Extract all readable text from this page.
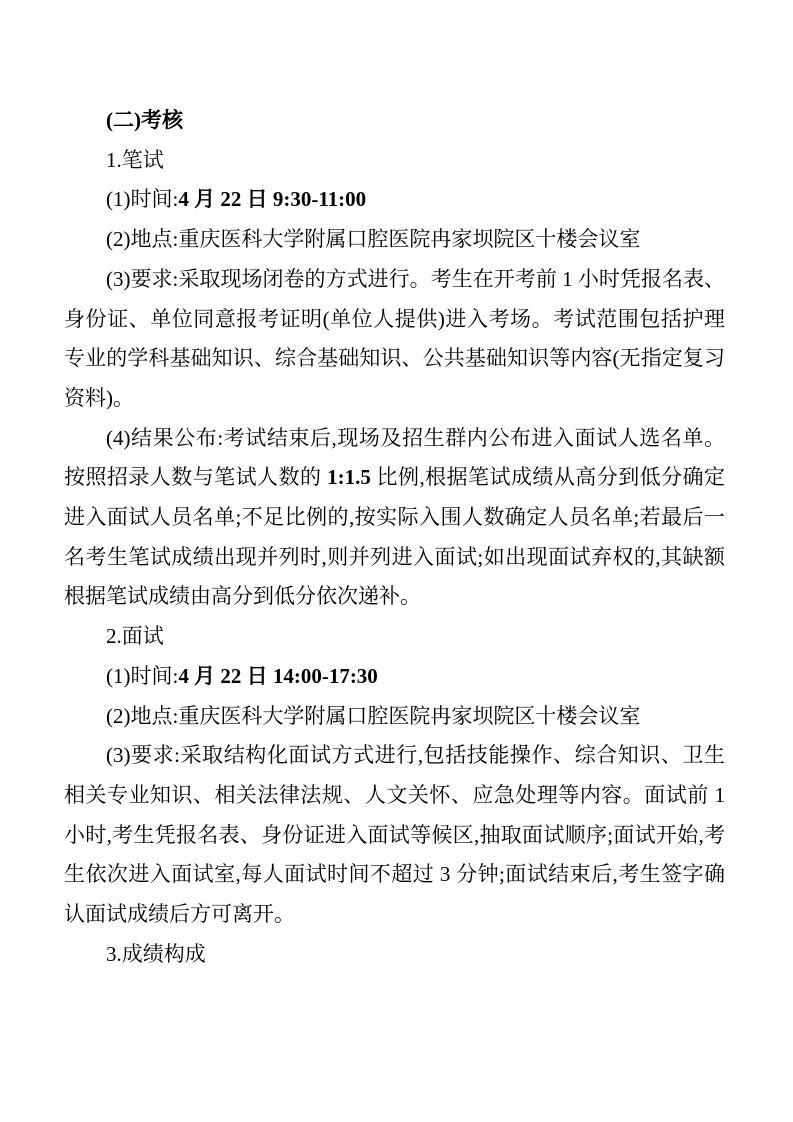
(二)考核

1.笔试

(1)时间:4 月 22 日 9:30-11:00

(2)地点:重庆医科大学附属口腔医院冉家坝院区十楼会议室

(3)要求:采取现场闭卷的方式进行。考生在开考前 1 小时凭报名表、身份证、单位同意报考证明(单位人提供)进入考场。考试范围包括护理专业的学科基础知识、综合基础知识、公共基础知识等内容(无指定复习资料)。

(4)结果公布:考试结束后,现场及招生群内公布进入面试人选名单。按照招录人数与笔试人数的 1:1.5 比例,根据笔试成绩从高分到低分确定进入面试人员名单;不足比例的,按实际入围人数确定人员名单;若最后一名考生笔试成绩出现并列时,则并列进入面试;如出现面试弃权的,其缺额根据笔试成绩由高分到低分依次递补。

2.面试

(1)时间:4 月 22 日 14:00-17:30

(2)地点:重庆医科大学附属口腔医院冉家坝院区十楼会议室

(3)要求:采取结构化面试方式进行,包括技能操作、综合知识、卫生相关专业知识、相关法律法规、人文关怀、应急处理等内容。面试前 1 小时,考生凭报名表、身份证进入面试等候区,抽取面试顺序;面试开始,考生依次进入面试室,每人面试时间不超过 3 分钟;面试结束后,考生签字确认面试成绩后方可离开。

3.成绩构成
